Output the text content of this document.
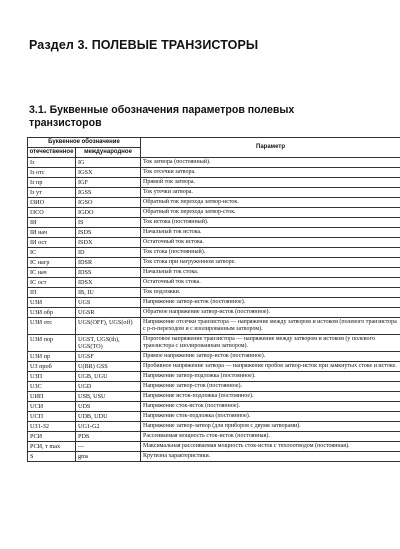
Раздел 3. ПОЛЕВЫЕ ТРАНЗИСТОРЫ
3.1. Буквенные обозначения параметров полевых транзисторов
Буквенное обозначение		Параметр
отечественное	международное	
Iз	IG	Ток затвора (постоянный).
Iз отс	IGSX	Ток отсечки затвора.
Iз пр	IGF	Прямой ток затвора.
Iз ут	IGSS	Ток утечки затвора.
IЗИО	IGSO	Обратный ток перехода затвор-исток.
IЗСО	IGDO	Обратный ток перехода затвор-сток.
IИ	IS	Ток истока (постоянный).
IИ нач	ISDS	Начальный ток истока.
IИ ост	ISDX	Остаточный ток истока.
IС	ID	Ток стока (постоянный).
IС нагр	IDSR	Ток стока при нагруженном затворе.
IС нач	IDSS	Начальный ток стока.
IС ост	IDSX	Остаточный ток стока.
IП	IB, IU	Ток подложки.
UЗИ	UGS	Напряжение затвор-исток (постоянное).
UЗИ обр	UGSR	Обратное напряжение затвор-исток (постоянное).
UЗИ отс	UGS(OFF), UGS(off)	Напряжение отсечки транзистора — напряжение между затвором и истоком (полевого транзистора с p-n-переходом и с изолированным затвором).
UЗИ пор	UGST, UGS(th), UGS(TO)	Пороговое напряжение транзистора — напряжение между затвором и истоком (у полевого транзистора с изолированным затвором).
UЗИ пр	UGSF	Прямое напряжение затвор-исток (постоянное).
UЗ проб	U(BR) GSS	Пробивное напряжение затвора — напряжение пробоя затвор-исток при замкнутых стоке и истоке.
UЗП	UGB, UGU	Напряжение затвор-подложка (постоянное).
UЗС	UGD	Напряжение затвор-сток (постоянное).
UИП	USB, USU	Напряжение исток-подложка (постоянное).
UСИ	UDS	Напряжение сток-исток (постоянное).
UСП	UDB, UDU	Напряжение сток-подложка (постоянное).
UЗ1-З2	UG1-G2	Напряжение затвор-затвор (для приборов с двумя затворами).
PСИ	PDS	Рассеиваемая мощность сток-исток (постоянная).
PСИ, т max	—	Максимальная рассеиваемая мощность сток-исток с теплоотводом (постоянная).
S	gms	Крутизна характеристики.
